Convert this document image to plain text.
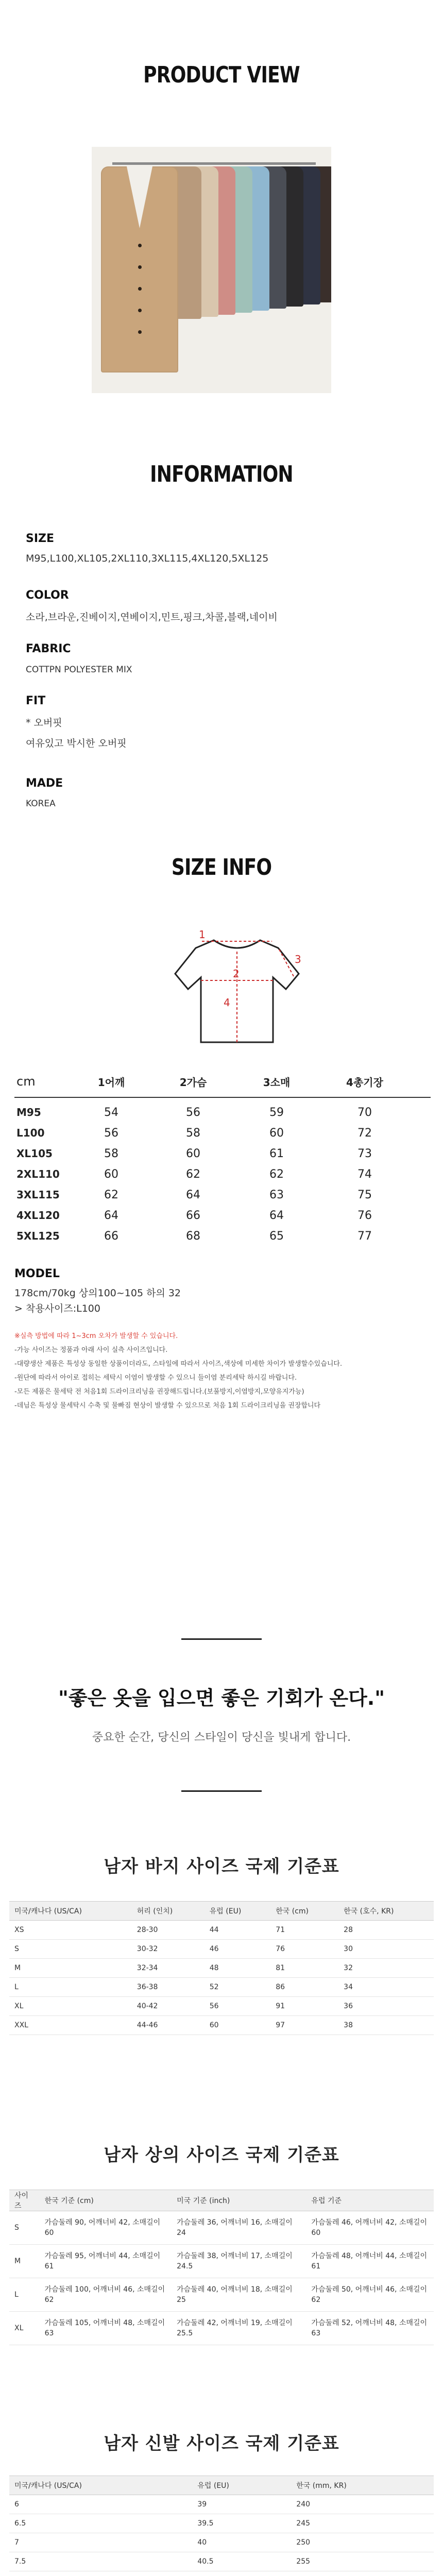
PRODUCT VIEW
INFORMATION
SIZE
M95,L100,XL105,2XL110,3XL115,4XL120,5XL125
COLOR
소라,브라운,진베이지,연베이지,민트,핑크,차콜,블랙,네이비
FABRIC
COTTPN POLYESTER MIX
FIT
* 오버핏
여유있고 박시한 오버핏
MADE
KOREA
SIZE INFO
1
2
3
4
cm	1어깨	2가슴	3소매	4총기장
M95	54	56	59	70
L100	56	58	60	72
XL105	58	60	61	73
2XL110	60	62	62	74
3XL115	62	64	63	75
4XL120	64	66	64	76
5XL125	66	68	65	77
MODEL
178cm/70kg 상의100~105 하의 32
> 착용사이즈:L100
※실측 방법에 따라 1~3cm 오차가 발생할 수 있습니다.
-가능 사이즈는 정품과 아래 사이 실측 사이즈입니다.
-대량생산 제품은 특성상 동일한 상품이더라도, 스타일에 따라서 사이즈,색상에 미세한 차이가 발생할수있습니다.
-원단에 따라서 아이로 접히는 세탁시 이염이 발생할 수 있으니 들이염 분리세탁 하시길 바랍니다.
-모든 제품은 물세탁 전 처음1회 드라이크리닝을 권장해드립니다.(보풀방지,이염방지,모양유지가능)
-데님은 특성상 물세탁시 수축 및 물빠짐 현상이 발생할 수 있으므로 처음 1회 드라이크리닝을 권장합니다
"좋은 옷을 입으면 좋은 기회가 온다."
중요한 순간, 당신의 스타일이 당신을 빛내게 합니다.
남자 바지 사이즈 국제 기준표
미국/캐나다 (US/CA)	허리 (인치)	유럽 (EU)	한국 (cm)	한국 (호수, KR)
XS	28-30	44	71	28
S	30-32	46	76	30
M	32-34	48	81	32
L	36-38	52	86	34
XL	40-42	56	91	36
XXL	44-46	60	97	38
남자 상의 사이즈 국제 기준표
사이즈	한국 기준 (cm)	미국 기준 (inch)	유럽 기준
S	가슴둘레 90, 어깨너비 42, 소매길이 60	가슴둘레 36, 어깨너비 16, 소매길이 24	가슴둘레 46, 어깨너비 42, 소매길이 60
M	가슴둘레 95, 어깨너비 44, 소매길이 61	가슴둘레 38, 어깨너비 17, 소매길이 24.5	가슴둘레 48, 어깨너비 44, 소매길이 61
L	가슴둘레 100, 어깨너비 46, 소매길이 62	가슴둘레 40, 어깨너비 18, 소매길이 25	가슴둘레 50, 어깨너비 46, 소매길이 62
XL	가슴둘레 105, 어깨너비 48, 소매길이 63	가슴둘레 42, 어깨너비 19, 소매길이 25.5	가슴둘레 52, 어깨너비 48, 소매길이 63
남자 신발 사이즈 국제 기준표
미국/캐나다 (US/CA)	유럽 (EU)	한국 (mm, KR)
6	39	240
6.5	39.5	245
7	40	250
7.5	40.5	255
